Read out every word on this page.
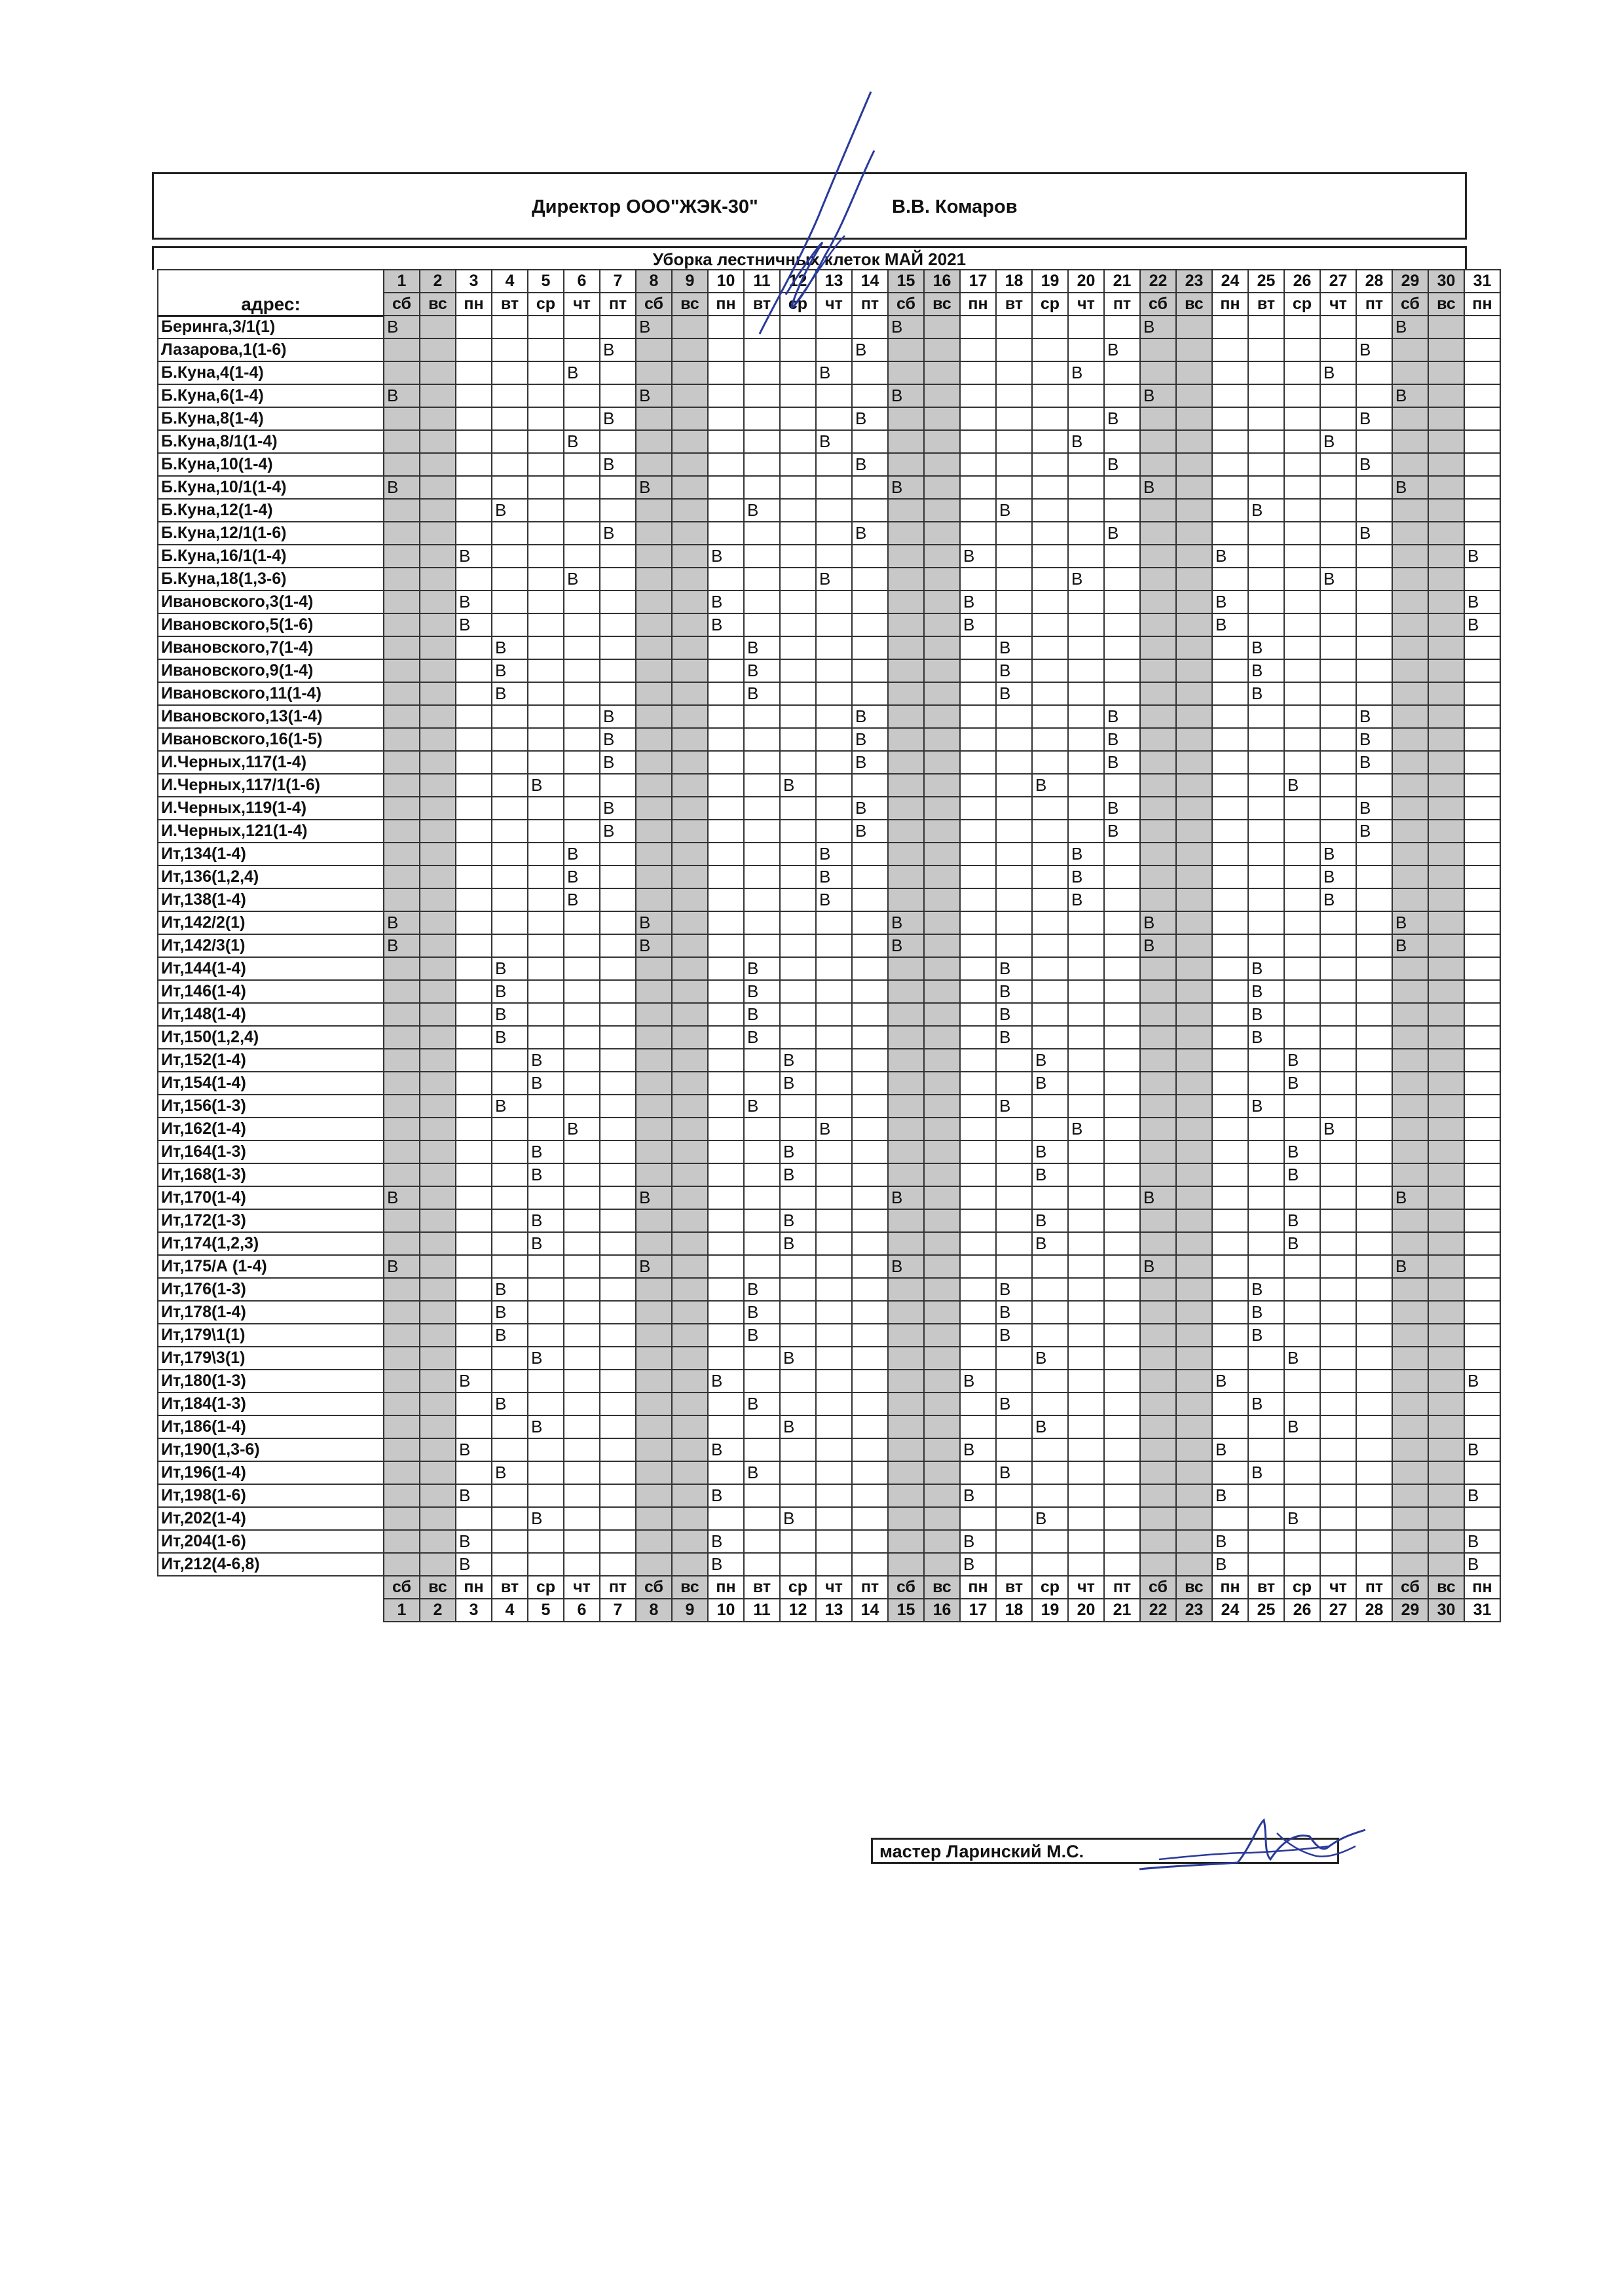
Директор ООО"ЖЭК-30"	В.В. Комаров
Уборка лестничных клеток МАЙ 2021
адрес:	1	2	3	4	5	6	7	8	9	10	11	12	13	14	15	16	17	18	19	20	21	22	23	24	25	26	27	28	29	30	31
	сб	вс	пн	вт	ср	чт	пт	сб	вс	пн	вт	ср	чт	пт	сб	вс	пн	вт	ср	чт	пт	сб	вс	пн	вт	ср	чт	пт	сб	вс	пн
Беринга,3/1(1)	В							В							В							В							В		
Лазарова,1(1-6)							В							В							В							В			
Б.Куна,4(1-4)						В							В							В							В				
Б.Куна,6(1-4)	В							В							В							В							В		
Б.Куна,8(1-4)							В							В							В							В			
Б.Куна,8/1(1-4)						В							В							В							В				
Б.Куна,10(1-4)							В							В							В							В			
Б.Куна,10/1(1-4)	В							В							В							В							В		
Б.Куна,12(1-4)				В							В							В							В						
Б.Куна,12/1(1-6)							В							В							В							В			
Б.Куна,16/1(1-4)			В							В							В							В							В
Б.Куна,18(1,3-6)						В							В							В							В				
Ивановского,3(1-4)			В							В							В							В							В
Ивановского,5(1-6)			В							В							В							В							В
Ивановского,7(1-4)				В							В							В							В						
Ивановского,9(1-4)				В							В							В							В						
Ивановского,11(1-4)				В							В							В							В						
Ивановского,13(1-4)							В							В							В							В			
Ивановского,16(1-5)							В							В							В							В			
И.Черных,117(1-4)							В							В							В							В			
И.Черных,117/1(1-6)					В							В							В							В					
И.Черных,119(1-4)							В							В							В							В			
И.Черных,121(1-4)							В							В							В							В			
Ит,134(1-4)						В							В							В							В				
Ит,136(1,2,4)						В							В							В							В				
Ит,138(1-4)						В							В							В							В				
Ит,142/2(1)	В							В							В							В							В		
Ит,142/3(1)	В							В							В							В							В		
Ит,144(1-4)				В							В							В							В						
Ит,146(1-4)				В							В							В							В						
Ит,148(1-4)				В							В							В							В						
Ит,150(1,2,4)				В							В							В							В						
Ит,152(1-4)					В							В							В							В					
Ит,154(1-4)					В							В							В							В					
Ит,156(1-3)				В							В							В							В						
Ит,162(1-4)						В							В							В							В				
Ит,164(1-3)					В							В							В							В					
Ит,168(1-3)					В							В							В							В					
Ит,170(1-4)	В							В							В							В							В		
Ит,172(1-3)					В							В							В							В					
Ит,174(1,2,3)					В							В							В							В					
Ит,175/А (1-4)	В							В							В							В							В		
Ит,176(1-3)				В							В							В							В						
Ит,178(1-4)				В							В							В							В						
Ит,179\1(1)				В							В							В							В						
Ит,179\3(1)					В							В							В							В					
Ит,180(1-3)			В							В							В							В							В
Ит,184(1-3)				В							В							В							В						
Ит,186(1-4)					В							В							В							В					
Ит,190(1,3-6)			В							В							В							В							В
Ит,196(1-4)				В							В							В							В						
Ит,198(1-6)			В							В							В							В							В
Ит,202(1-4)					В							В							В							В					
Ит,204(1-6)			В							В							В							В							В
Ит,212(4-6,8)			В							В							В							В							В
	сб	вс	пн	вт	ср	чт	пт	сб	вс	пн	вт	ср	чт	пт	сб	вс	пн	вт	ср	чт	пт	сб	вс	пн	вт	ср	чт	пт	сб	вс	пн
	1	2	3	4	5	6	7	8	9	10	11	12	13	14	15	16	17	18	19	20	21	22	23	24	25	26	27	28	29	30	31
мастер Ларинский М.С.
